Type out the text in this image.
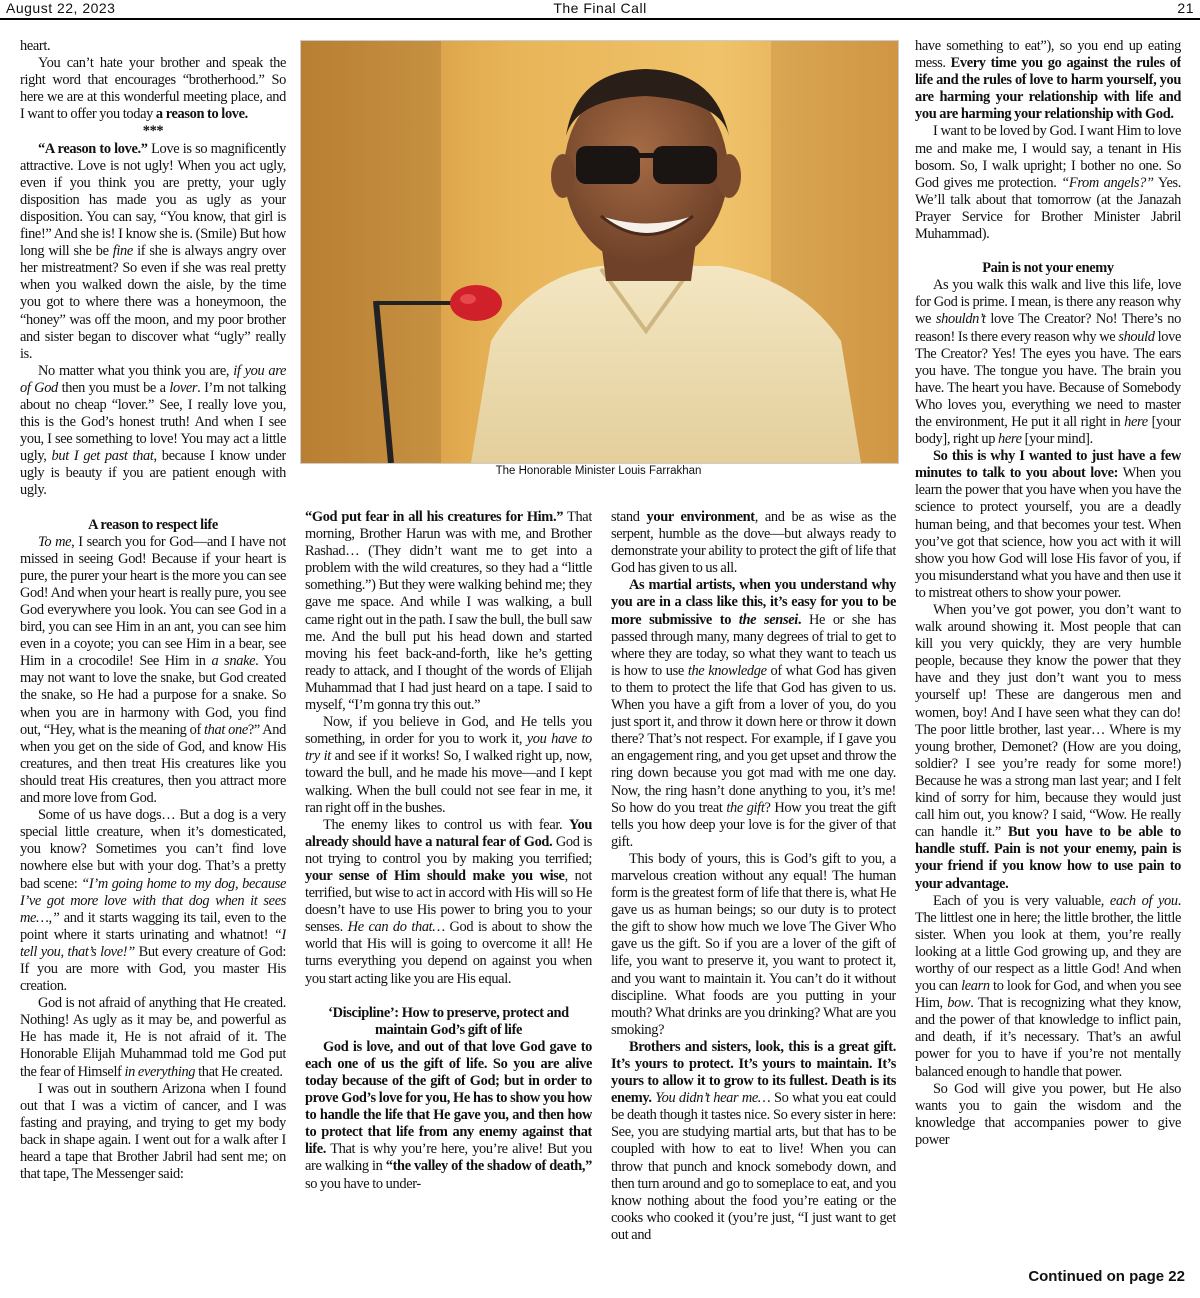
August 22, 2023	The Final Call	21

heart.

You can’t hate your brother and speak the right word that encourages “brotherhood.” So here we are at this wonderful meeting place, and I want to offer you today a reason to love.

***

“A reason to love.” Love is so magnificently attractive. Love is not ugly! When you act ugly, even if you think you are pretty, your ugly disposition has made you as ugly as your disposition. You can say, “You know, that girl is fine!” And she is! I know she is. (Smile) But how long will she be fine if she is always angry over her mistreatment? So even if she was real pretty when you walked down the aisle, by the time you got to where there was a honeymoon, the “honey” was off the moon, and my poor brother and sister began to discover what “ugly” really is.

No matter what you think you are, if you are of God then you must be a lover. I’m not talking about no cheap “lover.” See, I really love you, this is the God’s honest truth! And when I see you, I see something to love! You may act a little ugly, but I get past that, because I know under ugly is beauty if you are patient enough with ugly.

A reason to respect life

To me, I search you for God—and I have not missed in seeing God! Because if your heart is pure, the purer your heart is the more you can see God! And when your heart is really pure, you see God everywhere you look. You can see God in a bird, you can see Him in an ant, you can see him even in a coyote; you can see Him in a bear, see Him in a crocodile! See Him in a snake. You may not want to love the snake, but God created the snake, so He had a purpose for a snake. So when you are in harmony with God, you find out, “Hey, what is the meaning of that one?” And when you get on the side of God, and know His creatures, and then treat His creatures like you should treat His creatures, then you attract more and more love from God.

Some of us have dogs… But a dog is a very special little creature, when it’s domesticated, you know? Sometimes you can’t find love nowhere else but with your dog. That’s a pretty bad scene: “I’m going home to my dog, because I’ve got more love with that dog when it sees me…,” and it starts wagging its tail, even to the point where it starts urinating and whatnot! “I tell you, that’s love!” But every creature of God: If you are more with God, you master His creation.

God is not afraid of anything that He created. Nothing! As ugly as it may be, and powerful as He has made it, He is not afraid of it. The Honorable Elijah Muhammad told me God put the fear of Himself in everything that He created.

I was out in southern Arizona when I found out that I was a victim of cancer, and I was fasting and praying, and trying to get my body back in shape again. I went out for a walk after I heard a tape that Brother Jabril had sent me; on that tape, The Messenger said:

The Honorable Minister Louis Farrakhan

“God put fear in all his creatures for Him.” That morning, Brother Harun was with me, and Brother Rashad… (They didn’t want me to get into a problem with the wild creatures, so they had a “little something.”) But they were walking behind me; they gave me space. And while I was walking, a bull came right out in the path. I saw the bull, the bull saw me. And the bull put his head down and started moving his feet back-and-forth, like he’s getting ready to attack, and I thought of the words of Elijah Muhammad that I had just heard on a tape. I said to myself, “I’m gonna try this out.”

Now, if you believe in God, and He tells you something, in order for you to work it, you have to try it and see if it works! So, I walked right up, now, toward the bull, and he made his move—and I kept walking. When the bull could not see fear in me, it ran right off in the bushes.

The enemy likes to control us with fear. You already should have a natural fear of God. God is not trying to control you by making you terrified; your sense of Him should make you wise, not terrified, but wise to act in accord with His will so He doesn’t have to use His power to bring you to your senses. He can do that… God is about to show the world that His will is going to overcome it all! He turns everything you depend on against you when you start acting like you are His equal.

‘Discipline’: How to preserve, protect and maintain God’s gift of life

God is love, and out of that love God gave to each one of us the gift of life. So you are alive today because of the gift of God; but in order to prove God’s love for you, He has to show you how to handle the life that He gave you, and then how to protect that life from any enemy against that life. That is why you’re here, you’re alive! But you are walking in “the valley of the shadow of death,” so you have to under-

stand your environment, and be as wise as the serpent, humble as the dove—but always ready to demonstrate your ability to protect the gift of life that God has given to us all.

As martial artists, when you understand why you are in a class like this, it’s easy for you to be more submissive to the sensei. He or she has passed through many, many degrees of trial to get to where they are today, so what they want to teach us is how to use the knowledge of what God has given to them to protect the life that God has given to us. When you have a gift from a lover of you, do you just sport it, and throw it down here or throw it down there? That’s not respect. For example, if I gave you an engagement ring, and you get upset and throw the ring down because you got mad with me one day. Now, the ring hasn’t done anything to you, it’s me! So how do you treat the gift? How you treat the gift tells you how deep your love is for the giver of that gift.

This body of yours, this is God’s gift to you, a marvelous creation without any equal! The human form is the greatest form of life that there is, what He gave us as human beings; so our duty is to protect the gift to show how much we love The Giver Who gave us the gift. So if you are a lover of the gift of life, you want to preserve it, you want to protect it, and you want to maintain it. You can’t do it without discipline. What foods are you putting in your mouth? What drinks are you drinking? What are you smoking?

Brothers and sisters, look, this is a great gift. It’s yours to protect. It’s yours to maintain. It’s yours to allow it to grow to its fullest. Death is its enemy. You didn’t hear me… So what you eat could be death though it tastes nice. So every sister in here: See, you are studying martial arts, but that has to be coupled with how to eat to live! When you can throw that punch and knock somebody down, and then turn around and go to someplace to eat, and you know nothing about the food you’re eating or the cooks who cooked it (you’re just, “I just want to get out and

have something to eat”), so you end up eating mess. Every time you go against the rules of life and the rules of love to harm yourself, you are harming your relationship with life and you are harming your relationship with God.

I want to be loved by God. I want Him to love me and make me, I would say, a tenant in His bosom. So, I walk upright; I bother no one. So God gives me protection. “From angels?” Yes. We’ll talk about that tomorrow (at the Janazah Prayer Service for Brother Minister Jabril Muhammad).

Pain is not your enemy

As you walk this walk and live this life, love for God is prime. I mean, is there any reason why we shouldn’t love The Creator? No! There’s no reason! Is there every reason why we should love The Creator? Yes! The eyes you have. The ears you have. The tongue you have. The brain you have. The heart you have. Because of Somebody Who loves you, everything we need to master the environment, He put it all right in here [your body], right up here [your mind].

So this is why I wanted to just have a few minutes to talk to you about love: When you learn the power that you have when you have the science to protect yourself, you are a deadly human being, and that becomes your test. When you’ve got that science, how you act with it will show you how God will lose His favor of you, if you misunderstand what you have and then use it to mistreat others to show your power.

When you’ve got power, you don’t want to walk around showing it. Most people that can kill you very quickly, they are very humble people, because they know the power that they have and they just don’t want you to mess yourself up! These are dangerous men and women, boy! And I have seen what they can do! The poor little brother, last year… Where is my young brother, Demonet? (How are you doing, soldier? I see you’re ready for some more!) Because he was a strong man last year; and I felt kind of sorry for him, because they would just call him out, you know? I said, “Wow. He really can handle it.” But you have to be able to handle stuff. Pain is not your enemy, pain is your friend if you know how to use pain to your advantage.

Each of you is very valuable, each of you. The littlest one in here; the little brother, the little sister. When you look at them, you’re really looking at a little God growing up, and they are worthy of our respect as a little God! And when you can learn to look for God, and when you see Him, bow. That is recognizing what they know, and the power of that knowledge to inflict pain, and death, if it’s necessary. That’s an awful power for you to have if you’re not mentally balanced enough to handle that power.

So God will give you power, but He also wants you to gain the wisdom and the knowledge that accompanies power to give power

Continued on page 22
